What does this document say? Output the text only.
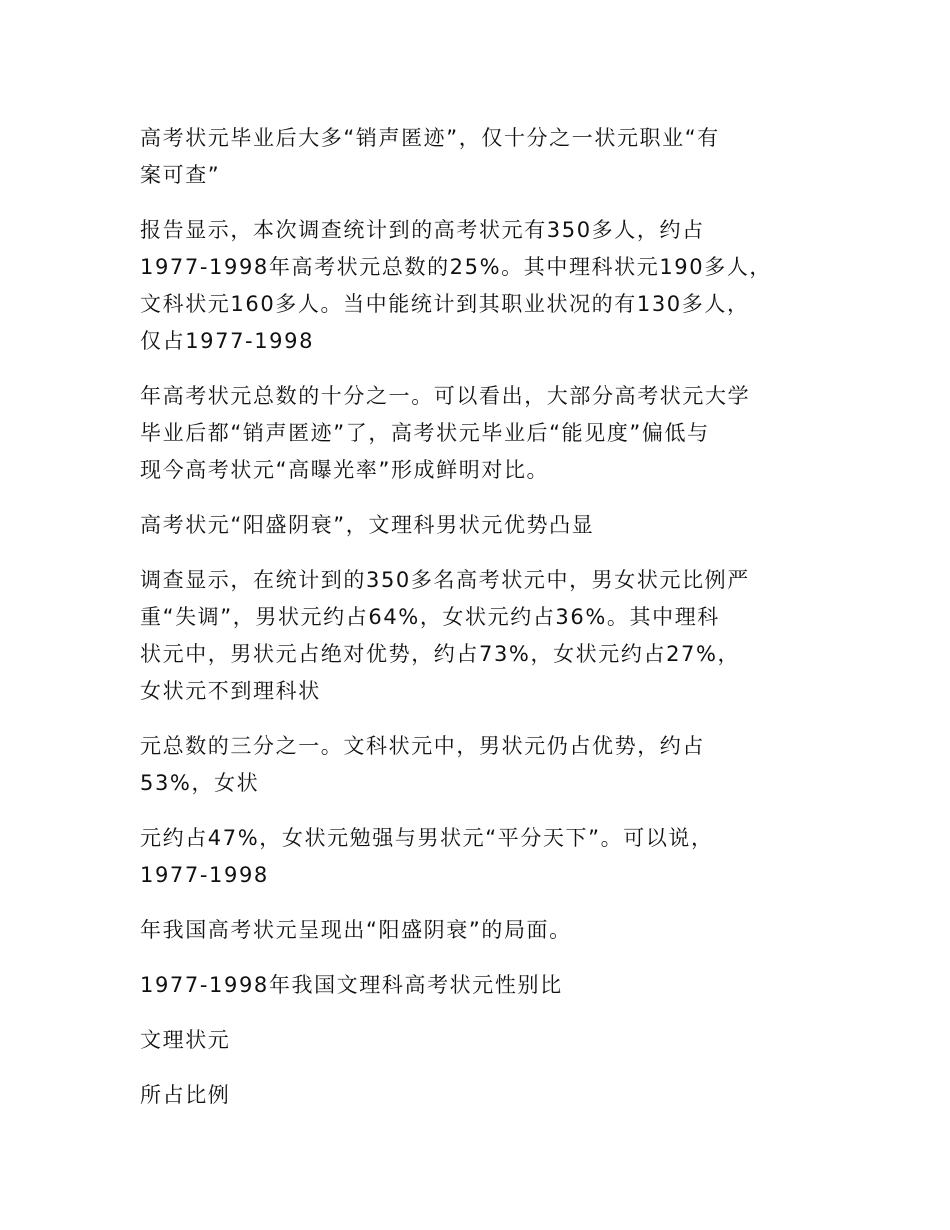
高考状元毕业后大多“销声匿迹”，仅十分之一状元职业“有
案可查”

报告显示，本次调查统计到的高考状元有350多人，约占
1977-1998年高考状元总数的25%。其中理科状元190多人，
文科状元160多人。当中能统计到其职业状况的有130多人，
仅占1977-1998

年高考状元总数的十分之一。可以看出，大部分高考状元大学
毕业后都“销声匿迹”了，高考状元毕业后“能见度”偏低与
现今高考状元“高曝光率”形成鲜明对比。

高考状元“阳盛阴衰”，文理科男状元优势凸显

调查显示，在统计到的350多名高考状元中，男女状元比例严
重“失调”，男状元约占64%，女状元约占36%。其中理科
状元中，男状元占绝对优势，约占73%，女状元约占27%，
女状元不到理科状

元总数的三分之一。文科状元中，男状元仍占优势，约占
53%，女状

元约占47%，女状元勉强与男状元“平分天下”。可以说，
1977-1998

年我国高考状元呈现出“阳盛阴衰”的局面。

1977-1998年我国文理科高考状元性别比

文理状元

所占比例
